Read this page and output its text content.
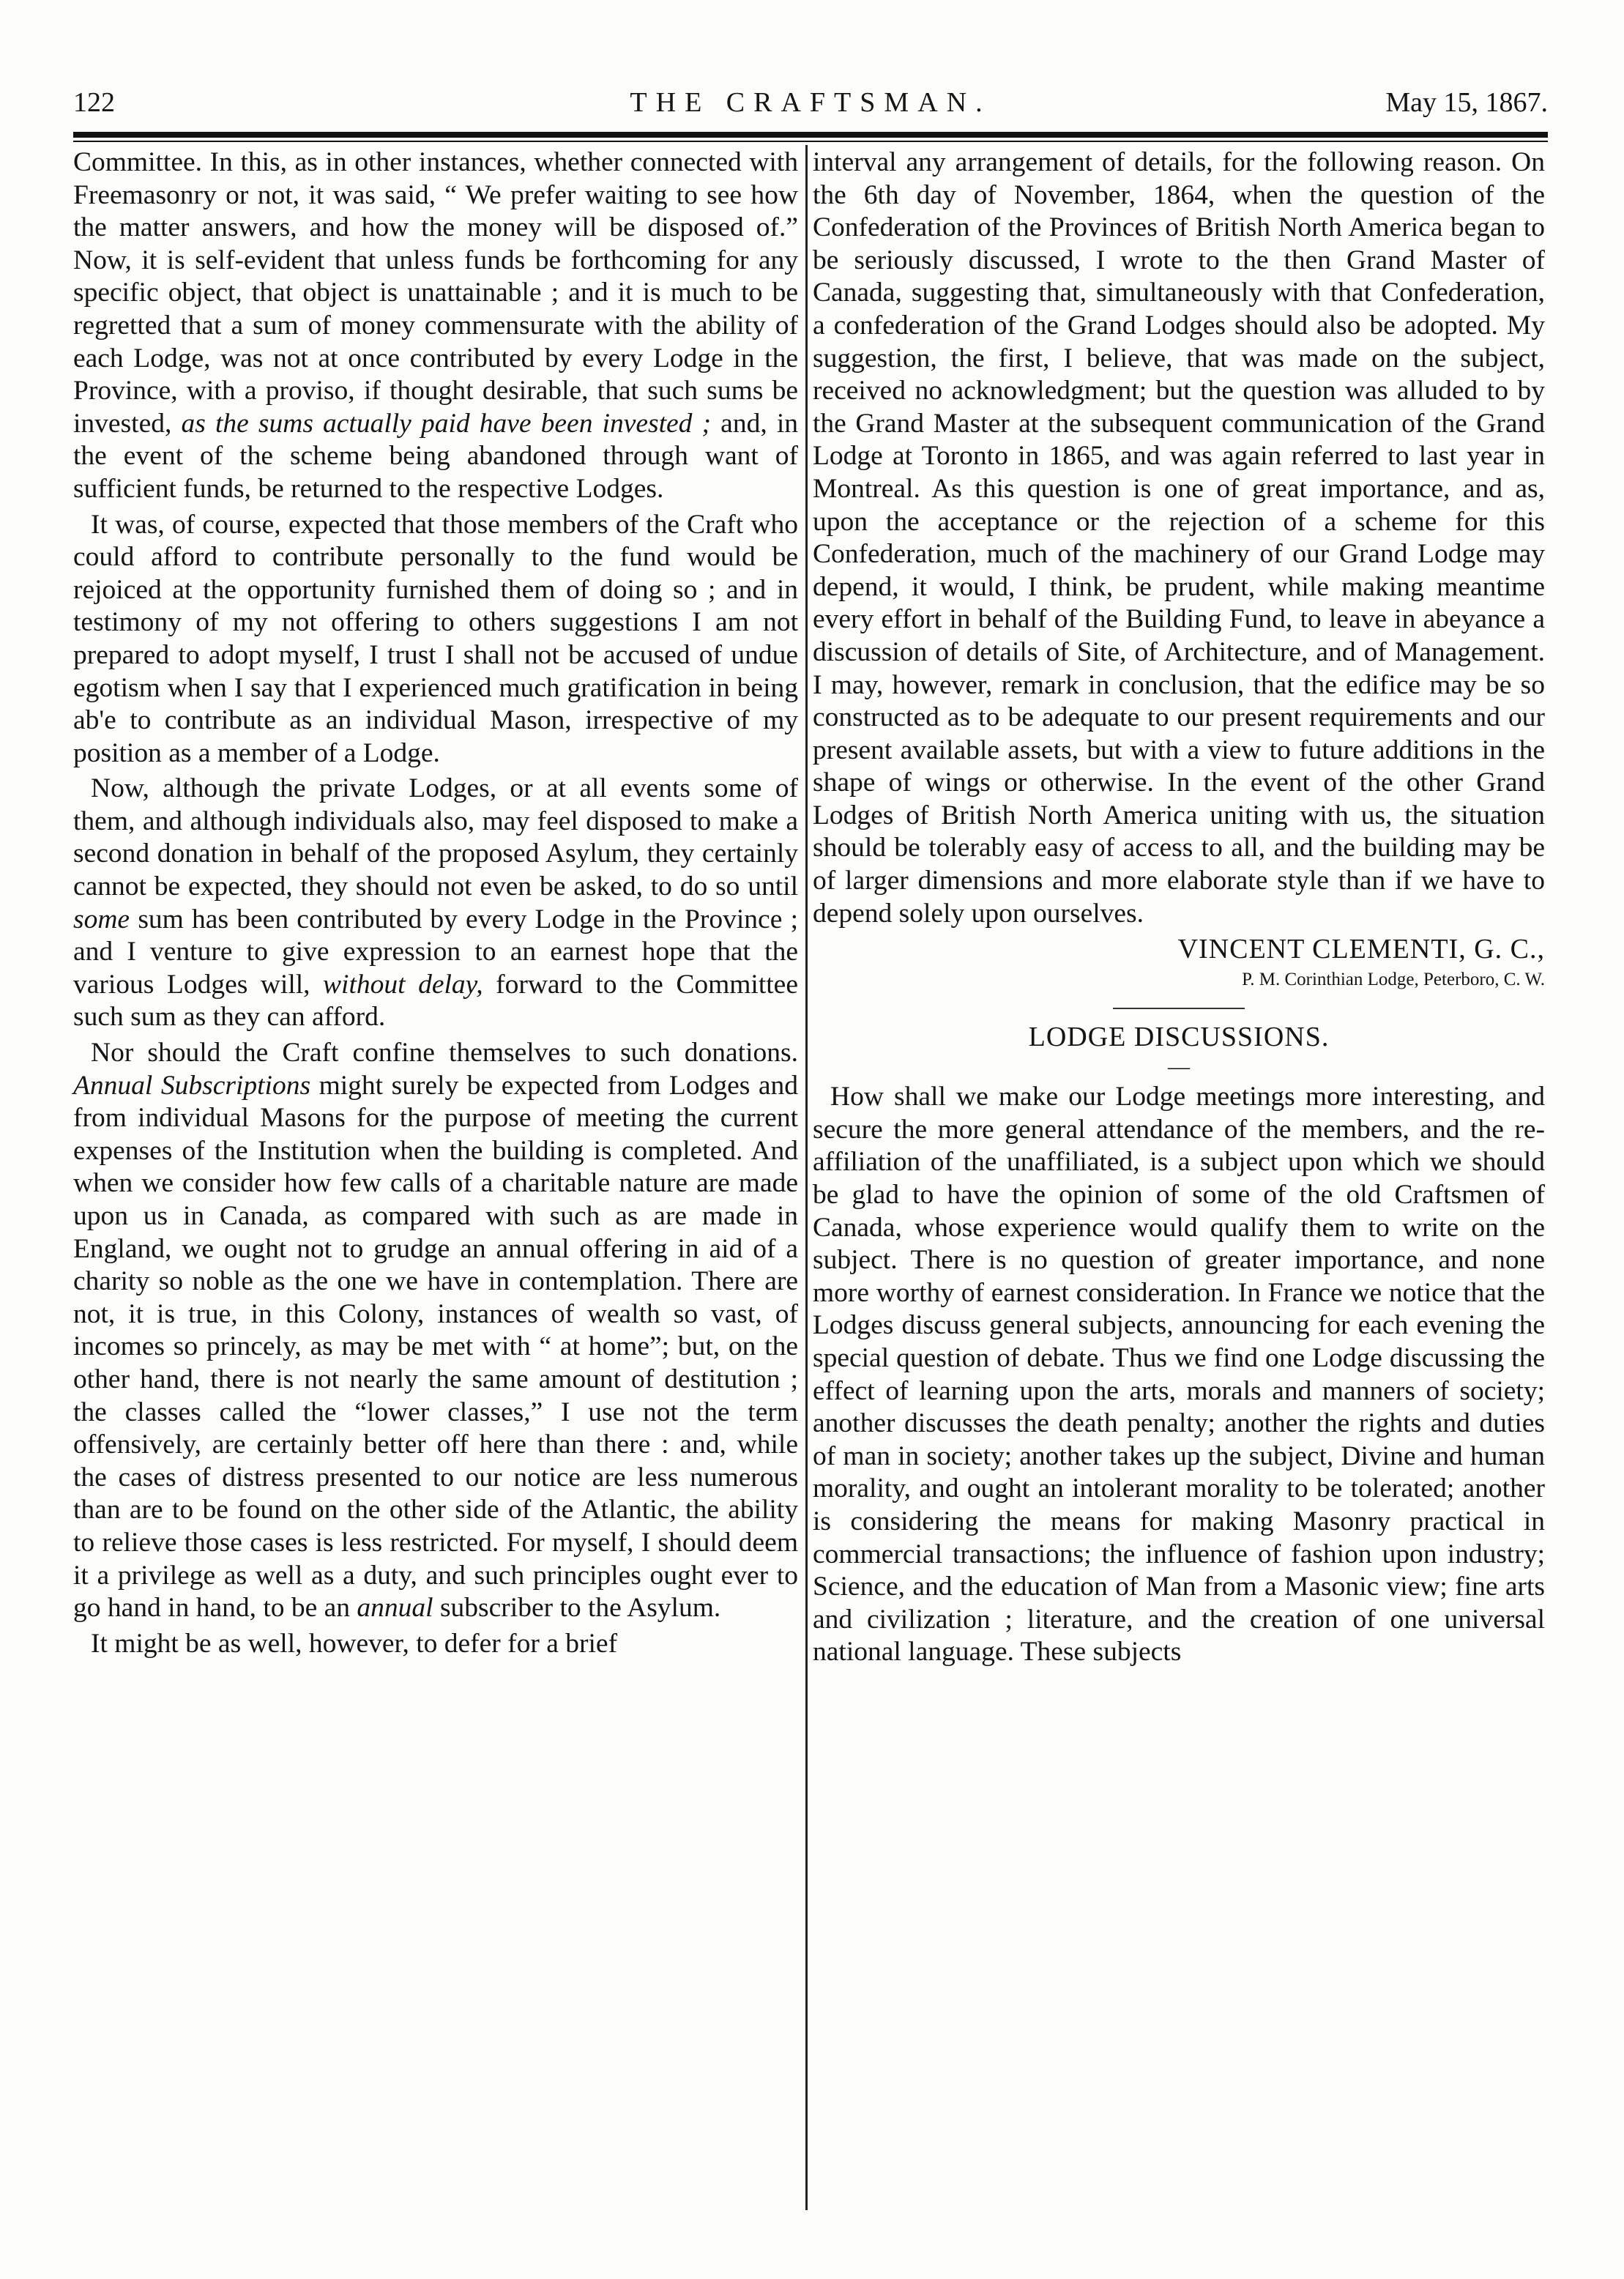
122	THE CRAFTSMAN.	May 15, 1867.

Committee. In this, as in other instances, whether connected with Freemasonry or not, it was said, “ We prefer waiting to see how the matter answers, and how the money will be disposed of.” Now, it is self-evident that unless funds be forthcoming for any specific object, that object is unattainable ; and it is much to be regretted that a sum of money commensurate with the ability of each Lodge, was not at once contributed by every Lodge in the Province, with a proviso, if thought desirable, that such sums be invested, as the sums actually paid have been invested ; and, in the event of the scheme being abandoned through want of sufficient funds, be returned to the respective Lodges.

It was, of course, expected that those members of the Craft who could afford to contribute personally to the fund would be rejoiced at the opportunity furnished them of doing so ; and in testimony of my not offering to others suggestions I am not prepared to adopt myself, I trust I shall not be accused of undue egotism when I say that I experienced much gratification in being ab'e to contribute as an individual Mason, irrespective of my position as a member of a Lodge.

Now, although the private Lodges, or at all events some of them, and although individuals also, may feel disposed to make a second donation in behalf of the proposed Asylum, they certainly cannot be expected, they should not even be asked, to do so until some sum has been contributed by every Lodge in the Province ; and I venture to give expression to an earnest hope that the various Lodges will, without delay, forward to the Committee such sum as they can afford.

Nor should the Craft confine themselves to such donations. Annual Subscriptions might surely be expected from Lodges and from individual Masons for the purpose of meeting the current expenses of the Institution when the building is completed. And when we consider how few calls of a charitable nature are made upon us in Canada, as compared with such as are made in England, we ought not to grudge an annual offering in aid of a charity so noble as the one we have in contemplation. There are not, it is true, in this Colony, instances of wealth so vast, of incomes so princely, as may be met with “ at home”; but, on the other hand, there is not nearly the same amount of destitution ; the classes called the “lower classes,” I use not the term offensively, are certainly better off here than there : and, while the cases of distress presented to our notice are less numerous than are to be found on the other side of the Atlantic, the ability to relieve those cases is less restricted. For myself, I should deem it a privilege as well as a duty, and such principles ought ever to go hand in hand, to be an annual subscriber to the Asylum.

It might be as well, however, to defer for a brief

interval any arrangement of details, for the following reason. On the 6th day of November, 1864, when the question of the Confederation of the Provinces of British North America began to be seriously discussed, I wrote to the then Grand Master of Canada, suggesting that, simultaneously with that Confederation, a confederation of the Grand Lodges should also be adopted. My suggestion, the first, I believe, that was made on the subject, received no acknowledgment; but the question was alluded to by the Grand Master at the subsequent communication of the Grand Lodge at Toronto in 1865, and was again referred to last year in Montreal. As this question is one of great importance, and as, upon the acceptance or the rejection of a scheme for this Confederation, much of the machinery of our Grand Lodge may depend, it would, I think, be prudent, while making meantime every effort in behalf of the Building Fund, to leave in abeyance a discussion of details of Site, of Architecture, and of Management. I may, however, remark in conclusion, that the edifice may be so constructed as to be adequate to our present requirements and our present available assets, but with a view to future additions in the shape of wings or otherwise. In the event of the other Grand Lodges of British North America uniting with us, the situation should be tolerably easy of access to all, and the building may be of larger dimensions and more elaborate style than if we have to depend solely upon ourselves.

VINCENT CLEMENTI, G. C.,

P. M. Corinthian Lodge, Peterboro, C. W.

LODGE DISCUSSIONS.

—

How shall we make our Lodge meetings more interesting, and secure the more general attendance of the members, and the re-affiliation of the unaffiliated, is a subject upon which we should be glad to have the opinion of some of the old Craftsmen of Canada, whose experience would qualify them to write on the subject. There is no question of greater importance, and none more worthy of earnest consideration. In France we notice that the Lodges discuss general subjects, announcing for each evening the special question of debate. Thus we find one Lodge discussing the effect of learning upon the arts, morals and manners of society; another discusses the death penalty; another the rights and duties of man in society; another takes up the subject, Divine and human morality, and ought an intolerant morality to be tolerated; another is considering the means for making Masonry practical in commercial transactions; the influence of fashion upon industry; Science, and the education of Man from a Masonic view; fine arts and civilization ; literature, and the creation of one universal national language. These subjects
